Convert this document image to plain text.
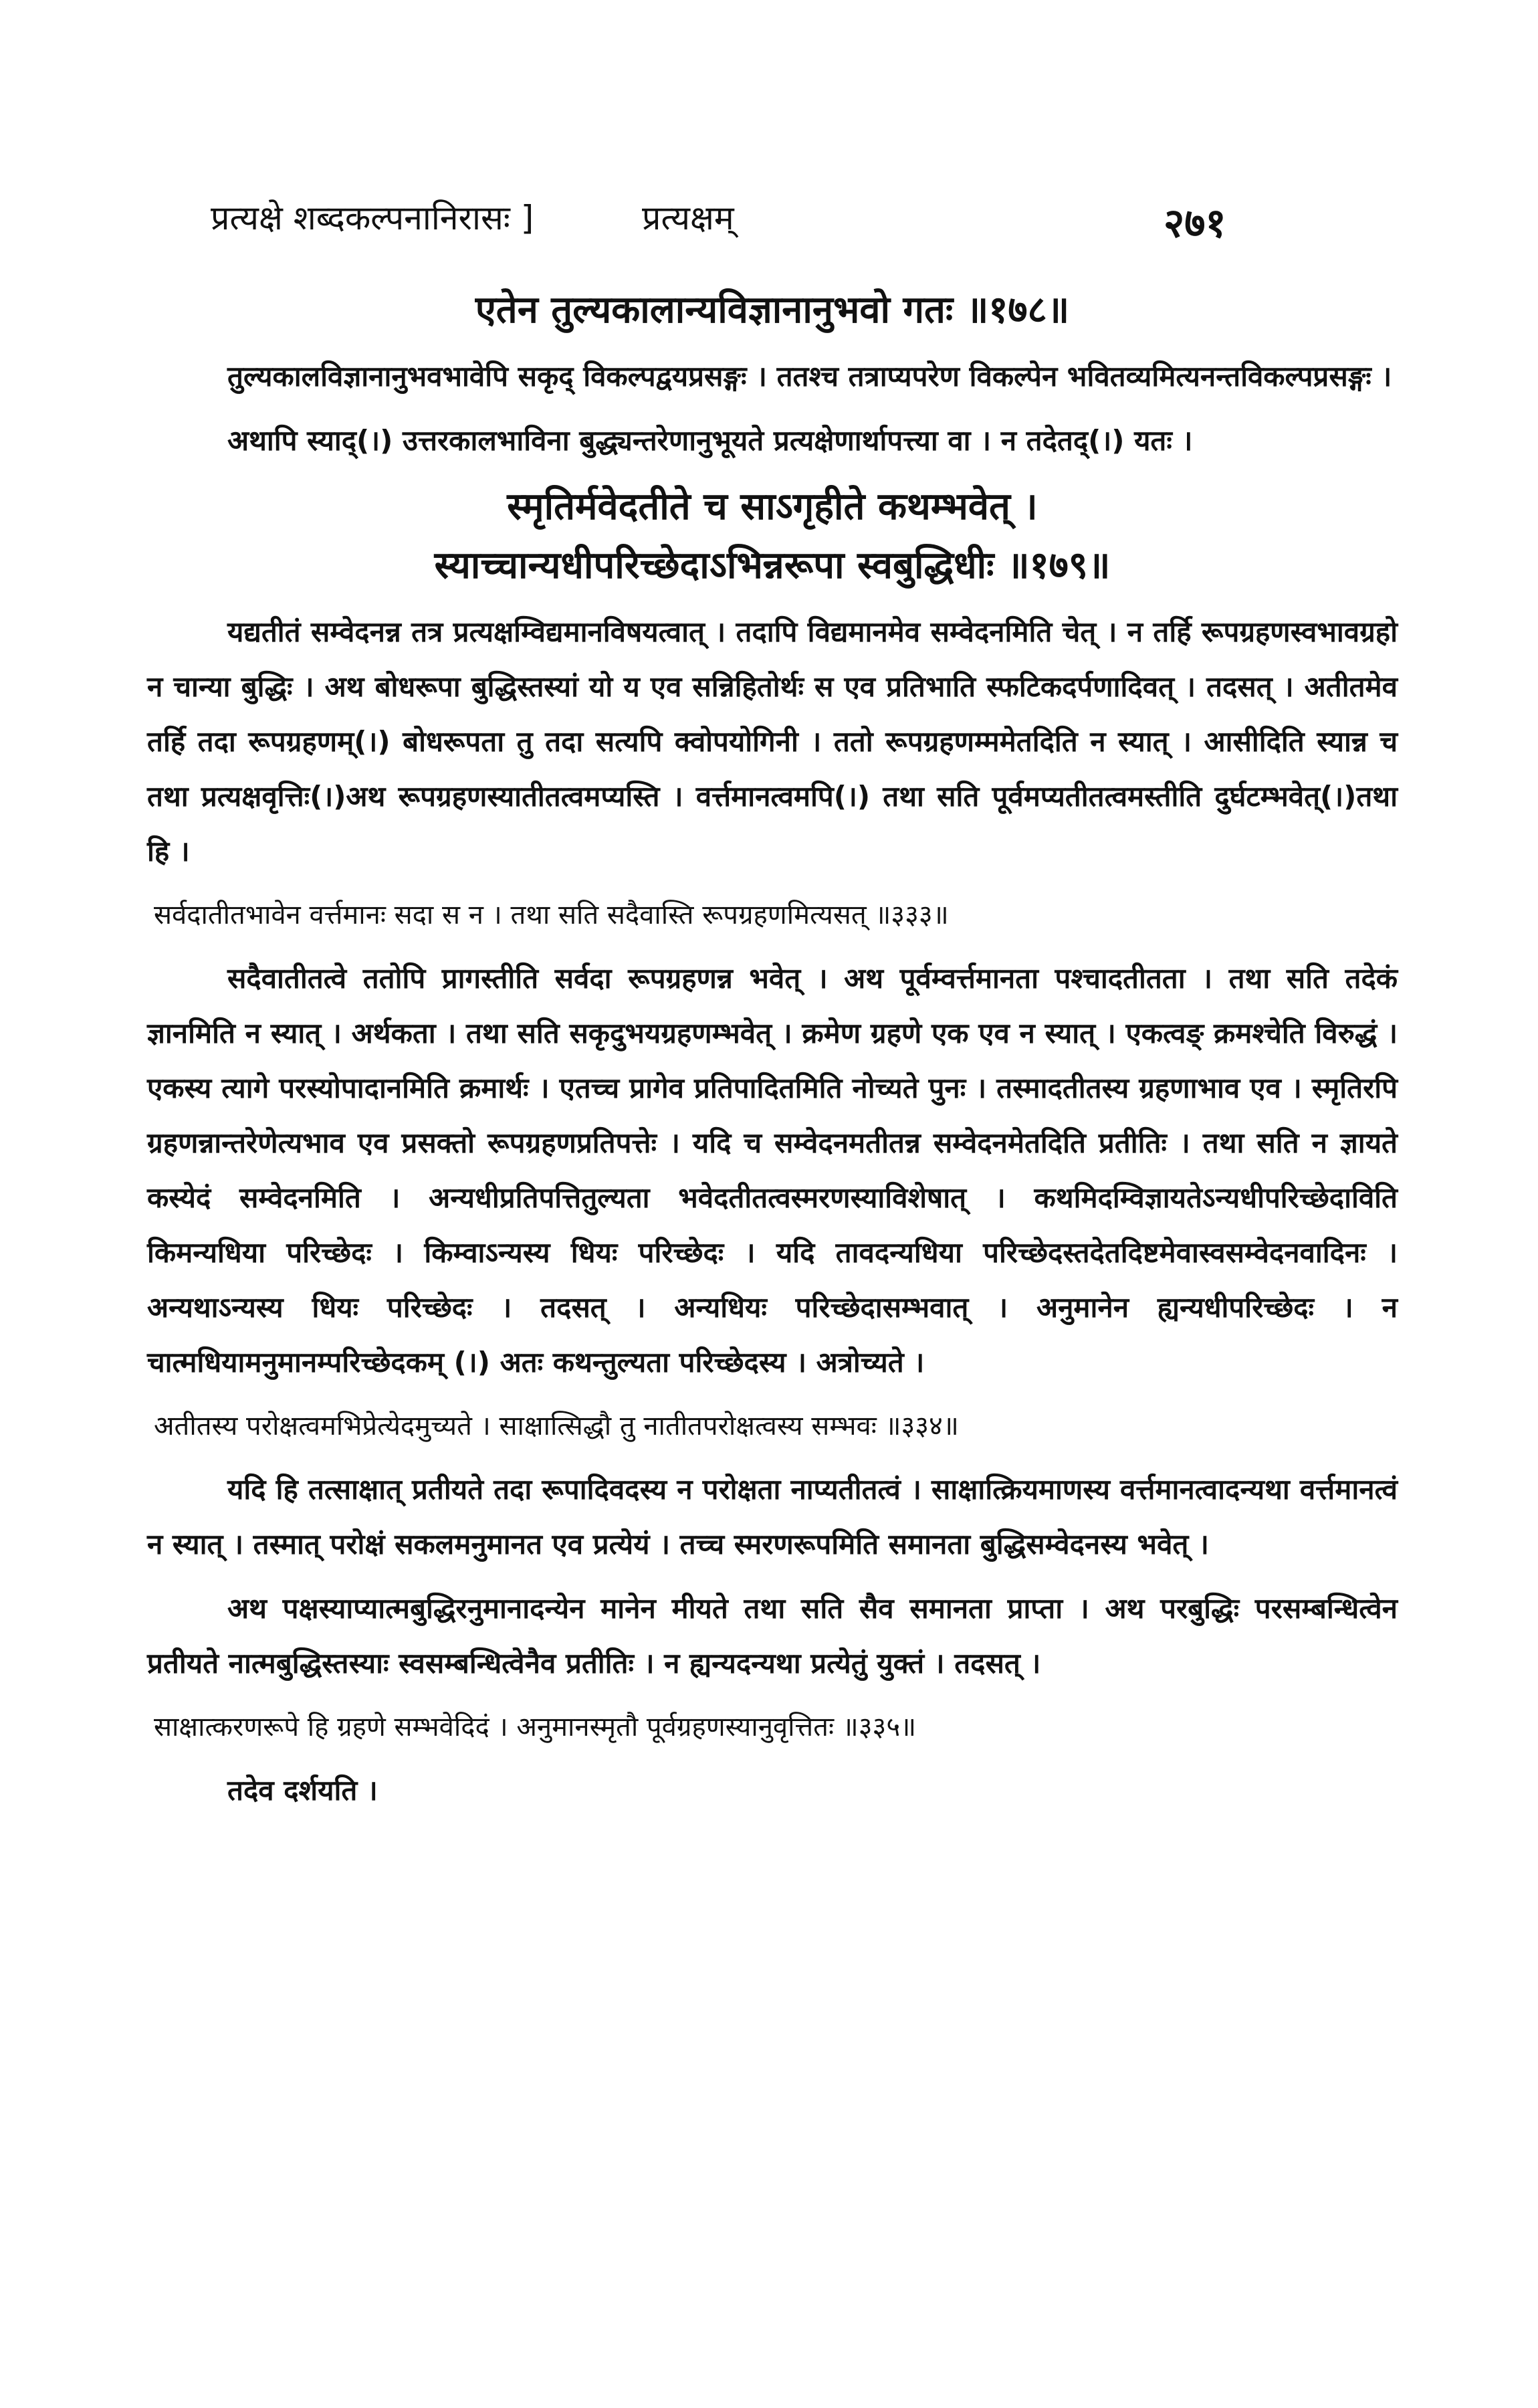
प्रत्यक्षे शब्दकल्पनानिरासः ]	प्रत्यक्षम्	२७१
एतेन तुल्यकालान्यविज्ञानानुभवो गतः ॥१७८॥
तुल्यकालविज्ञानानुभवभावेपि सकृद् विकल्पद्वयप्रसङ्गः । ततश्च तत्राप्यपरेण विकल्पेन भवितव्यमित्यनन्तविकल्पप्रसङ्गः ।
अथापि स्याद्(।) उत्तरकालभाविना बुद्ध्यन्तरेणानुभूयते प्रत्यक्षेणार्थापत्त्या वा । न तदेतद्(।) यतः ।
स्मृतिर्मवेदतीते च साऽगृहीते कथम्भवेत् ।
स्याच्चान्यधीपरिच्छेदाऽभिन्नरूपा स्वबुद्धिधीः ॥१७९॥
यद्यतीतं सम्वेदनन्न तत्र प्रत्यक्षम्विद्यमानविषयत्वात् । तदापि विद्यमानमेव सम्वेदनमिति चेत् । न तर्हि रूपग्रहणस्वभावग्रहो न चान्या बुद्धिः । अथ बोधरूपा बुद्धिस्तस्यां यो य एव सन्निहितोर्थः स एव प्रतिभाति स्फटिकदर्पणादिवत् । तदसत् । अतीतमेव तर्हि तदा रूपग्रहणम्(।) बोधरूपता तु तदा सत्यपि क्वोपयोगिनी । ततो रूपग्रहणम्ममेतदिति न स्यात् । आसीदिति स्यान्न च तथा प्रत्यक्षवृत्तिः(।)अथ रूपग्रहणस्यातीतत्वमप्यस्ति । वर्त्तमानत्वमपि(।) तथा सति पूर्वमप्यतीतत्वमस्तीति दुर्घटम्भवेत्(।)तथा हि ।
सर्वदातीतभावेन वर्त्तमानः सदा स न । तथा सति सदैवास्ति रूपग्रहणमित्यसत् ॥३३३॥
सदैवातीतत्वे ततोपि प्रागस्तीति सर्वदा रूपग्रहणन्न भवेत् । अथ पूर्वम्वर्त्तमानता पश्चादतीतता । तथा सति तदेकं ज्ञानमिति न स्यात् । अर्थकता । तथा सति सकृदुभयग्रहणम्भवेत् । क्रमेण ग्रहणे एक एव न स्यात् । एकत्वङ् क्रमश्चेति विरुद्धं । एकस्य त्यागे परस्योपादानमिति क्रमार्थः । एतच्च प्रागेव प्रतिपादितमिति नोच्यते पुनः । तस्मादतीतस्य ग्रहणाभाव एव । स्मृतिरपि ग्रहणन्नान्तरेणेत्यभाव एव प्रसक्तो रूपग्रहणप्रतिपत्तेः । यदि च सम्वेदनमतीतन्न सम्वेदनमेतदिति प्रतीतिः । तथा सति न ज्ञायते कस्येदं सम्वेदनमिति । अन्यधीप्रतिपत्तितुल्यता भवेदतीतत्वस्मरणस्याविशेषात् । कथमिदम्विज्ञायतेऽन्यधीपरिच्छेदाविति किमन्यधिया परिच्छेदः । किम्वाऽन्यस्य धियः परिच्छेदः । यदि तावदन्यधिया परिच्छेदस्तदेतदिष्टमेवास्वसम्वेदनवादिनः । अन्यथाऽन्यस्य धियः परिच्छेदः । तदसत् । अन्यधियः परिच्छेदासम्भवात् । अनुमानेन ह्यन्यधीपरिच्छेदः । न चात्मधियामनुमानम्परिच्छेदकम् (।) अतः कथन्तुल्यता परिच्छेदस्य । अत्रोच्यते ।
अतीतस्य परोक्षत्वमभिप्रेत्येदमुच्यते । साक्षात्सिद्धौ तु नातीतपरोक्षत्वस्य सम्भवः ॥३३४॥
यदि हि तत्साक्षात् प्रतीयते तदा रूपादिवदस्य न परोक्षता नाप्यतीतत्वं । साक्षात्क्रियमाणस्य वर्त्तमानत्वादन्यथा वर्त्तमानत्वं न स्यात् । तस्मात् परोक्षं सकलमनुमानत एव प्रत्येयं । तच्च स्मरणरूपमिति समानता बुद्धिसम्वेदनस्य भवेत् ।
अथ पक्षस्याप्यात्मबुद्धिरनुमानादन्येन मानेन मीयते तथा सति सैव समानता प्राप्ता । अथ परबुद्धिः परसम्बन्धित्वेन प्रतीयते नात्मबुद्धिस्तस्याः स्वसम्बन्धित्वेनैव प्रतीतिः । न ह्यन्यदन्यथा प्रत्येतुं युक्तं । तदसत् ।
साक्षात्करणरूपे हि ग्रहणे सम्भवेदिदं । अनुमानस्मृतौ पूर्वग्रहणस्यानुवृत्तितः ॥३३५॥
तदेव दर्शयति ।
